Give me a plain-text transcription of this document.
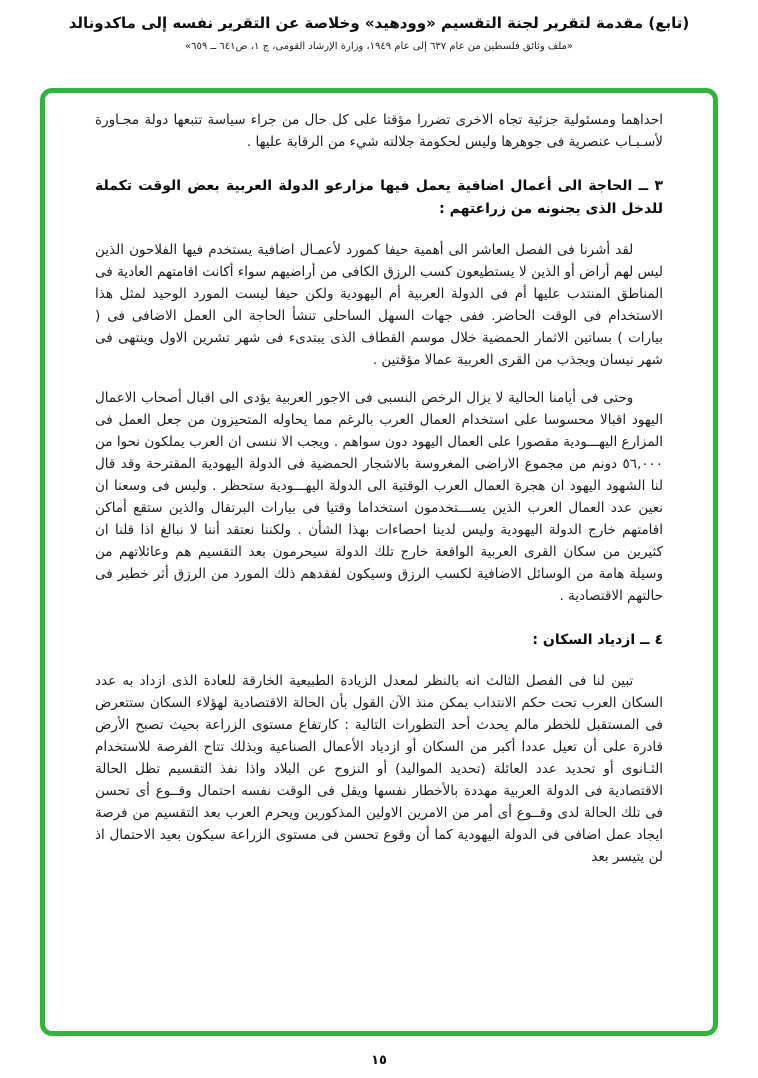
(تابع) مقدمة لتقرير لجنة التقسيم «وودهيد» وخلاصة عن التقرير نفسه إلى ماكدونالد
«ملف وثائق فلسطين من عام ٦٣٧ إلى عام ١٩٤٩، وزارة الإرشاد القومى، ج ١، ص٦٤١ ــ ٦٥٩»

احداهما ومسئولية جزئية تجاه الاخرى تضررا مؤقتا على كل حال من جراء سياسة تتبعها دولة مجـاورة لأسـبـاب عنصرية فى جوهرها وليس لحكومة جلالته شيء من الرقابة عليها .

٣ ــ الحاجة الى أعمال اضافية يعمل فيها مزارعو الدولة العربية بعض الوقت تكملة للدخل الذى يجنونه من زراعتهم :

لقد أشرنا فى الفصل العاشر الى أهمية حيفا كمورد لأعمـال اضافية يستخدم فيها الفلاحون الذين ليس لهم أراض أو الذين لا يستطيعون كسب الرزق الكافى من أراضيهم سواء أكانت اقامتهم العادية فى المناطق المنتدب عليها أم فى الدولة العربية أم اليهودية ولكن حيفا ليست المورد الوحيد لمثل هذا الاستخدام فى الوقت الحاضر. ففى جهات السهل الساحلى تنشأ الحاجة الى العمل الاضافى فى ( بيارات ) بساتين الاثمار الحمضية خلال موسم القطاف الذى يبتدىء فى شهر تشرين الاول وينتهى فى شهر نيسان ويجذب من القرى العربية عمالا مؤقتين .

وحتى فى أيامنا الحالية لا يزال الرخص النسبى فى الاجور العربية يؤدى الى اقبال أصحاب الاعمال اليهود اقبالا محسوسا على استخدام العمال العرب بالرغم مما يحاوله المتحيزون من جعل العمل فى المزارع اليهـــودية مقصورا على العمال اليهود دون سواهم . ويجب الا ننسى ان العرب يملكون نحوا من ٥٦,٠٠٠ دونم من مجموع الاراضى المغروسة بالاشجار الحمضية فى الدولة اليهودية المقترحة وقد قال لنا الشهود اليهود ان هجرة العمال العرب الوقتية الى الدولة اليهـــودية ستحظر . وليس فى وسعنا ان نعين عدد العمال العرب الذين يســـتخدمون استخداما وقتيا فى بيارات البرتقال والذين ستقع أماكن اقامتهم خارج الدولة اليهودية وليس لدينا احصاءات بهذا الشأن . ولكننا نعتقد أننا لا نبالغ اذا قلنا ان كثيرين من سكان القرى العربية الواقعة خارج تلك الدولة سيحرمون بعد التقسيم هم وعائلاتهم من وسيلة هامة من الوسائل الاضافية لكسب الرزق وسيكون لفقدهم ذلك المورد من الرزق أثر خطير فى حالتهم الاقتصادية .

٤ ــ ازدياد السكان :

تبين لنا فى الفصل الثالث انه بالنظر لمعدل الزيادة الطبيعية الخارقة للعادة الذى ازداد به عدد السكان العرب تحت حكم الانتداب يمكن منذ الآن القول بأن الحالة الاقتصادية لهؤلاء السكان ستتعرض فى المستقبل للخطر مالم يحدث أحد التطورات التالية : كارتفاع مستوى الزراعة بحيث تصبح الأرض قادرة على أن تعيل عددا أكبر من السكان أو ازدياد الأعمال الصناعية وبذلك تتاح الفرصة للاستخدام الثـانوى أو تحديد عدد العائلة (تحديد المواليد) أو النزوح عن البلاد واذا نفذ التقسيم تظل الحالة الاقتصادية فى الدولة العربية مهددة بالأخطار نفسها ويقل فى الوقت نفسه احتمال وقــوع أى تحسن فى تلك الحالة لدى وقــوع أى أمر من الامرين الاولين المذكورين ويحرم العرب بعد التقسيم من فرصة ايجاد عمل اضافى فى الدولة اليهودية كما أن وقوع تحسن فى مستوى الزراعة سيكون بعيد الاحتمال اذ لن يتيسر بعد

١٥
